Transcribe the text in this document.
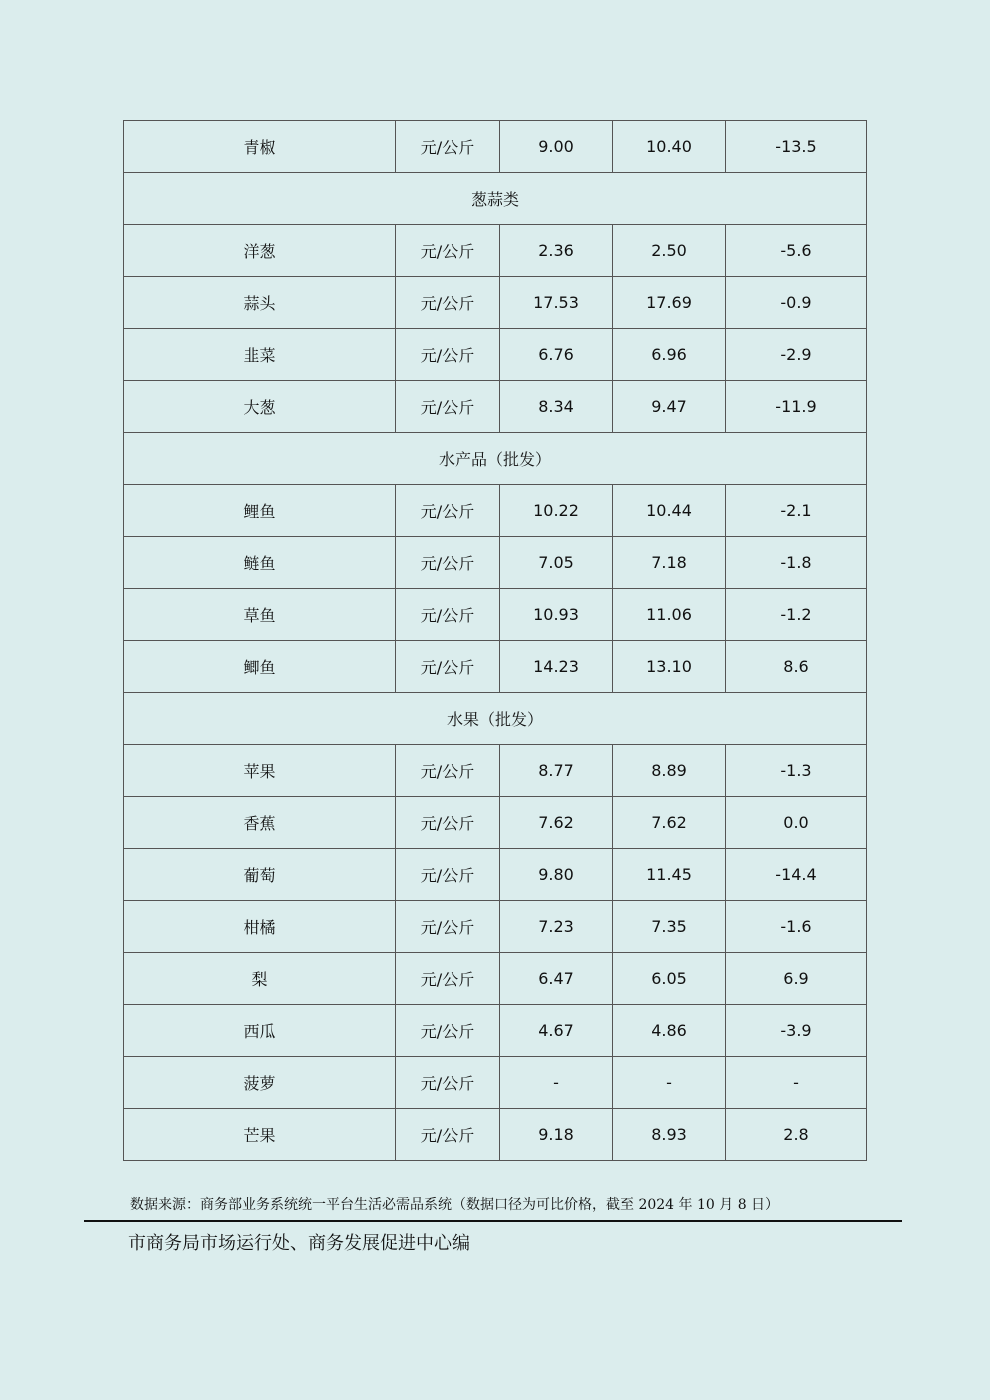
青椒	元/公斤	9.00	10.40	-13.5
葱蒜类				
洋葱	元/公斤	2.36	2.50	-5.6
蒜头	元/公斤	17.53	17.69	-0.9
韭菜	元/公斤	6.76	6.96	-2.9
大葱	元/公斤	8.34	9.47	-11.9
水产品（批发）				
鲤鱼	元/公斤	10.22	10.44	-2.1
鲢鱼	元/公斤	7.05	7.18	-1.8
草鱼	元/公斤	10.93	11.06	-1.2
鲫鱼	元/公斤	14.23	13.10	8.6
水果（批发）				
苹果	元/公斤	8.77	8.89	-1.3
香蕉	元/公斤	7.62	7.62	0.0
葡萄	元/公斤	9.80	11.45	-14.4
柑橘	元/公斤	7.23	7.35	-1.6
梨	元/公斤	6.47	6.05	6.9
西瓜	元/公斤	4.67	4.86	-3.9
菠萝	元/公斤	-	-	-
芒果	元/公斤	9.18	8.93	2.8
数据来源：商务部业务系统统一平台生活必需品系统（数据口径为可比价格，截至 2024 年 10 月 8 日）
市商务局市场运行处、商务发展促进中心编
